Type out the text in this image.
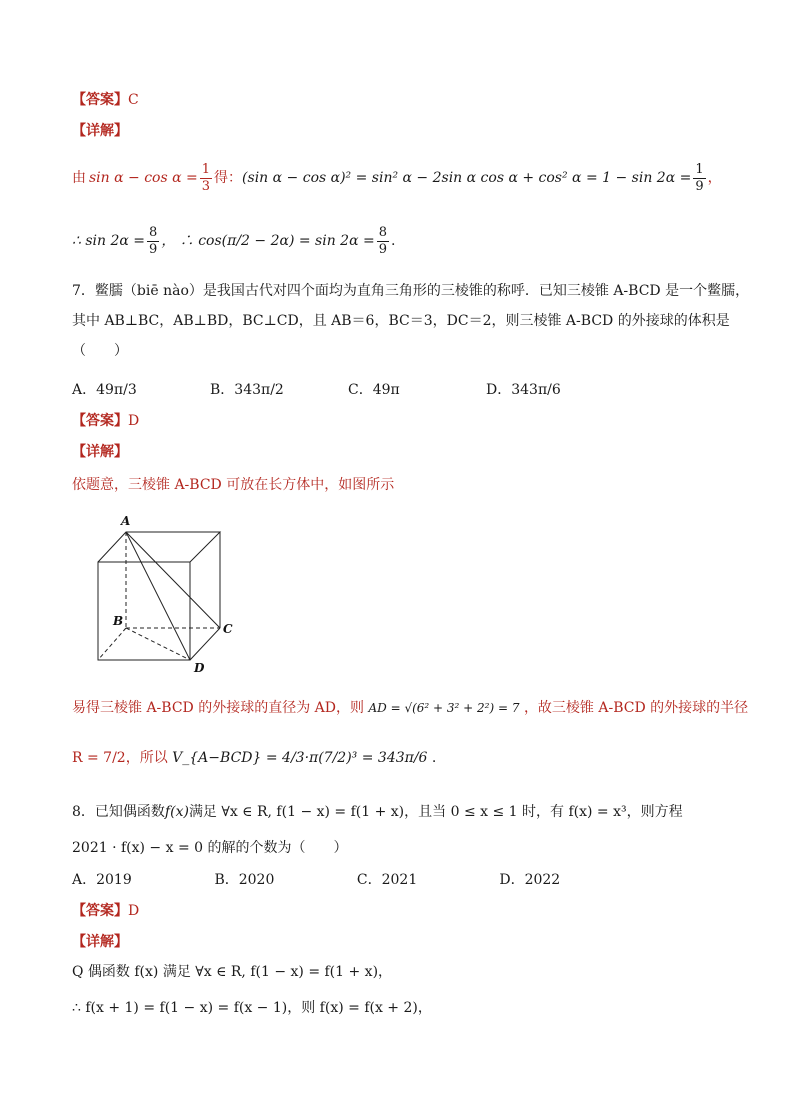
【答案】C
【详解】
由 $\sin \alpha - \cos \alpha = \frac{1}{3}$ 得： (sin α − cos α)² = sin² α − 2sin α cos α + cos² $\alpha = 1 - \sin 2\alpha = \frac{1}{9}$ ，
∴ $\sin 2\alpha = \frac{8}{9}$ ， ∴ $\cos(\pi/2 - 2\alpha) = \sin 2\alpha = \frac{8}{9}$ .
7．鳖臑（biē nào）是我国古代对四个面均为直角三角形的三棱锥的称呼．已知三棱锥 A-BCD 是一个鳖臑，
其中 AB⊥BC，AB⊥BD，BC⊥CD，且 AB＝6，BC＝3，DC＝2，则三棱锥 A-BCD 的外接球的体积是
（　　）
A．49π/3	B．343π/2	C．49π	D．343π/6
【答案】D
【详解】
依题意，三棱锥 A-BCD 可放在长方体中，如图所示
A
B
C
D
易得三棱锥 A-BCD 的外接球的直径为 AD，则 AD = √(6² + 3² + 2²) = 7 ，故三棱锥 A-BCD 的外接球的半径
R = 7/2，所以 V_{A−BCD} = 4/3·π(7/2)³ = 343π/6 .
8．已知偶函数f(x)满足 ∀x ∈ R, f(1 − x) = f(1 + x)，且当 0 ≤ x ≤ 1 时，有 f(x) = x³，则方程
2021 · f(x) − x = 0 的解的个数为（　　）
A．2019	B．2020	C．2021	D．2022
【答案】D
【详解】
Q 偶函数 f(x) 满足 ∀x ∈ R, f(1 − x) = f(1 + x)，
∴ f(x + 1) = f(1 − x) = f(x − 1)，则 f(x) = f(x + 2)，
